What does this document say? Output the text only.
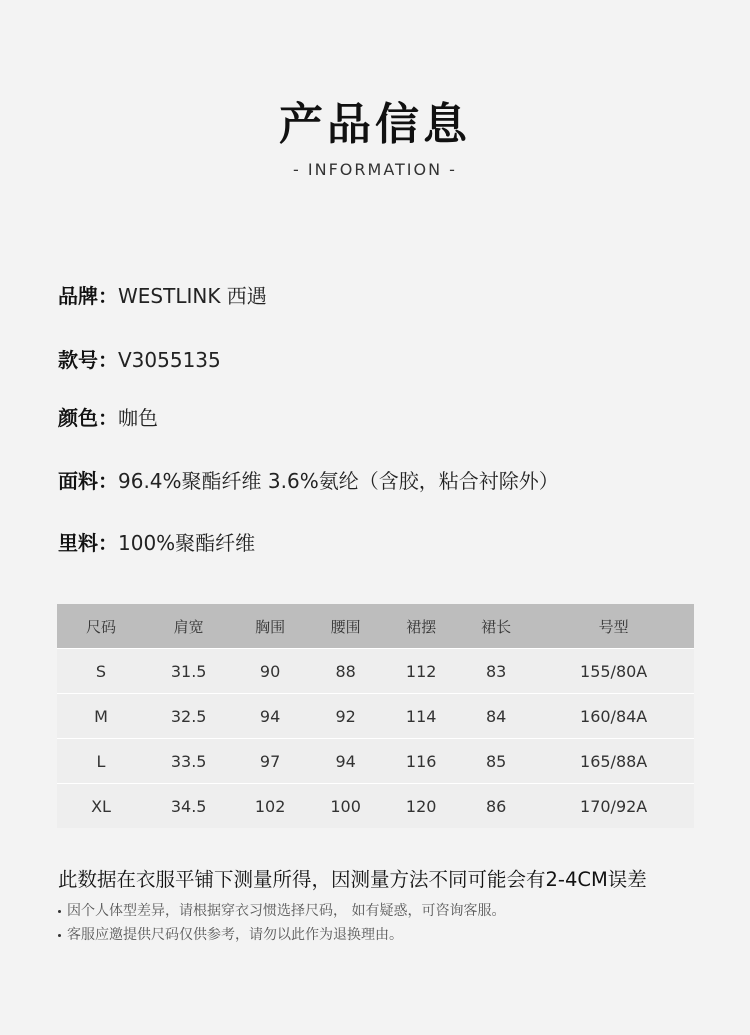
产品信息
- INFORMATION -
品牌：WESTLINK 西遇
款号：V3055135
颜色：咖色
面料：96.4%聚酯纤维 3.6%氨纶（含胶，粘合衬除外）
里料：100%聚酯纤维
尺码	肩宽	胸围	腰围	裙摆	裙长	号型
S	31.5	90	88	112	83	155/80A
M	32.5	94	92	114	84	160/84A
L	33.5	97	94	116	85	165/88A
XL	34.5	102	100	120	86	170/92A
此数据在衣服平铺下测量所得，因测量方法不同可能会有2-4CM误差
因个人体型差异，请根据穿衣习惯选择尺码， 如有疑惑，可咨询客服。
客服应邀提供尺码仅供参考，请勿以此作为退换理由。
